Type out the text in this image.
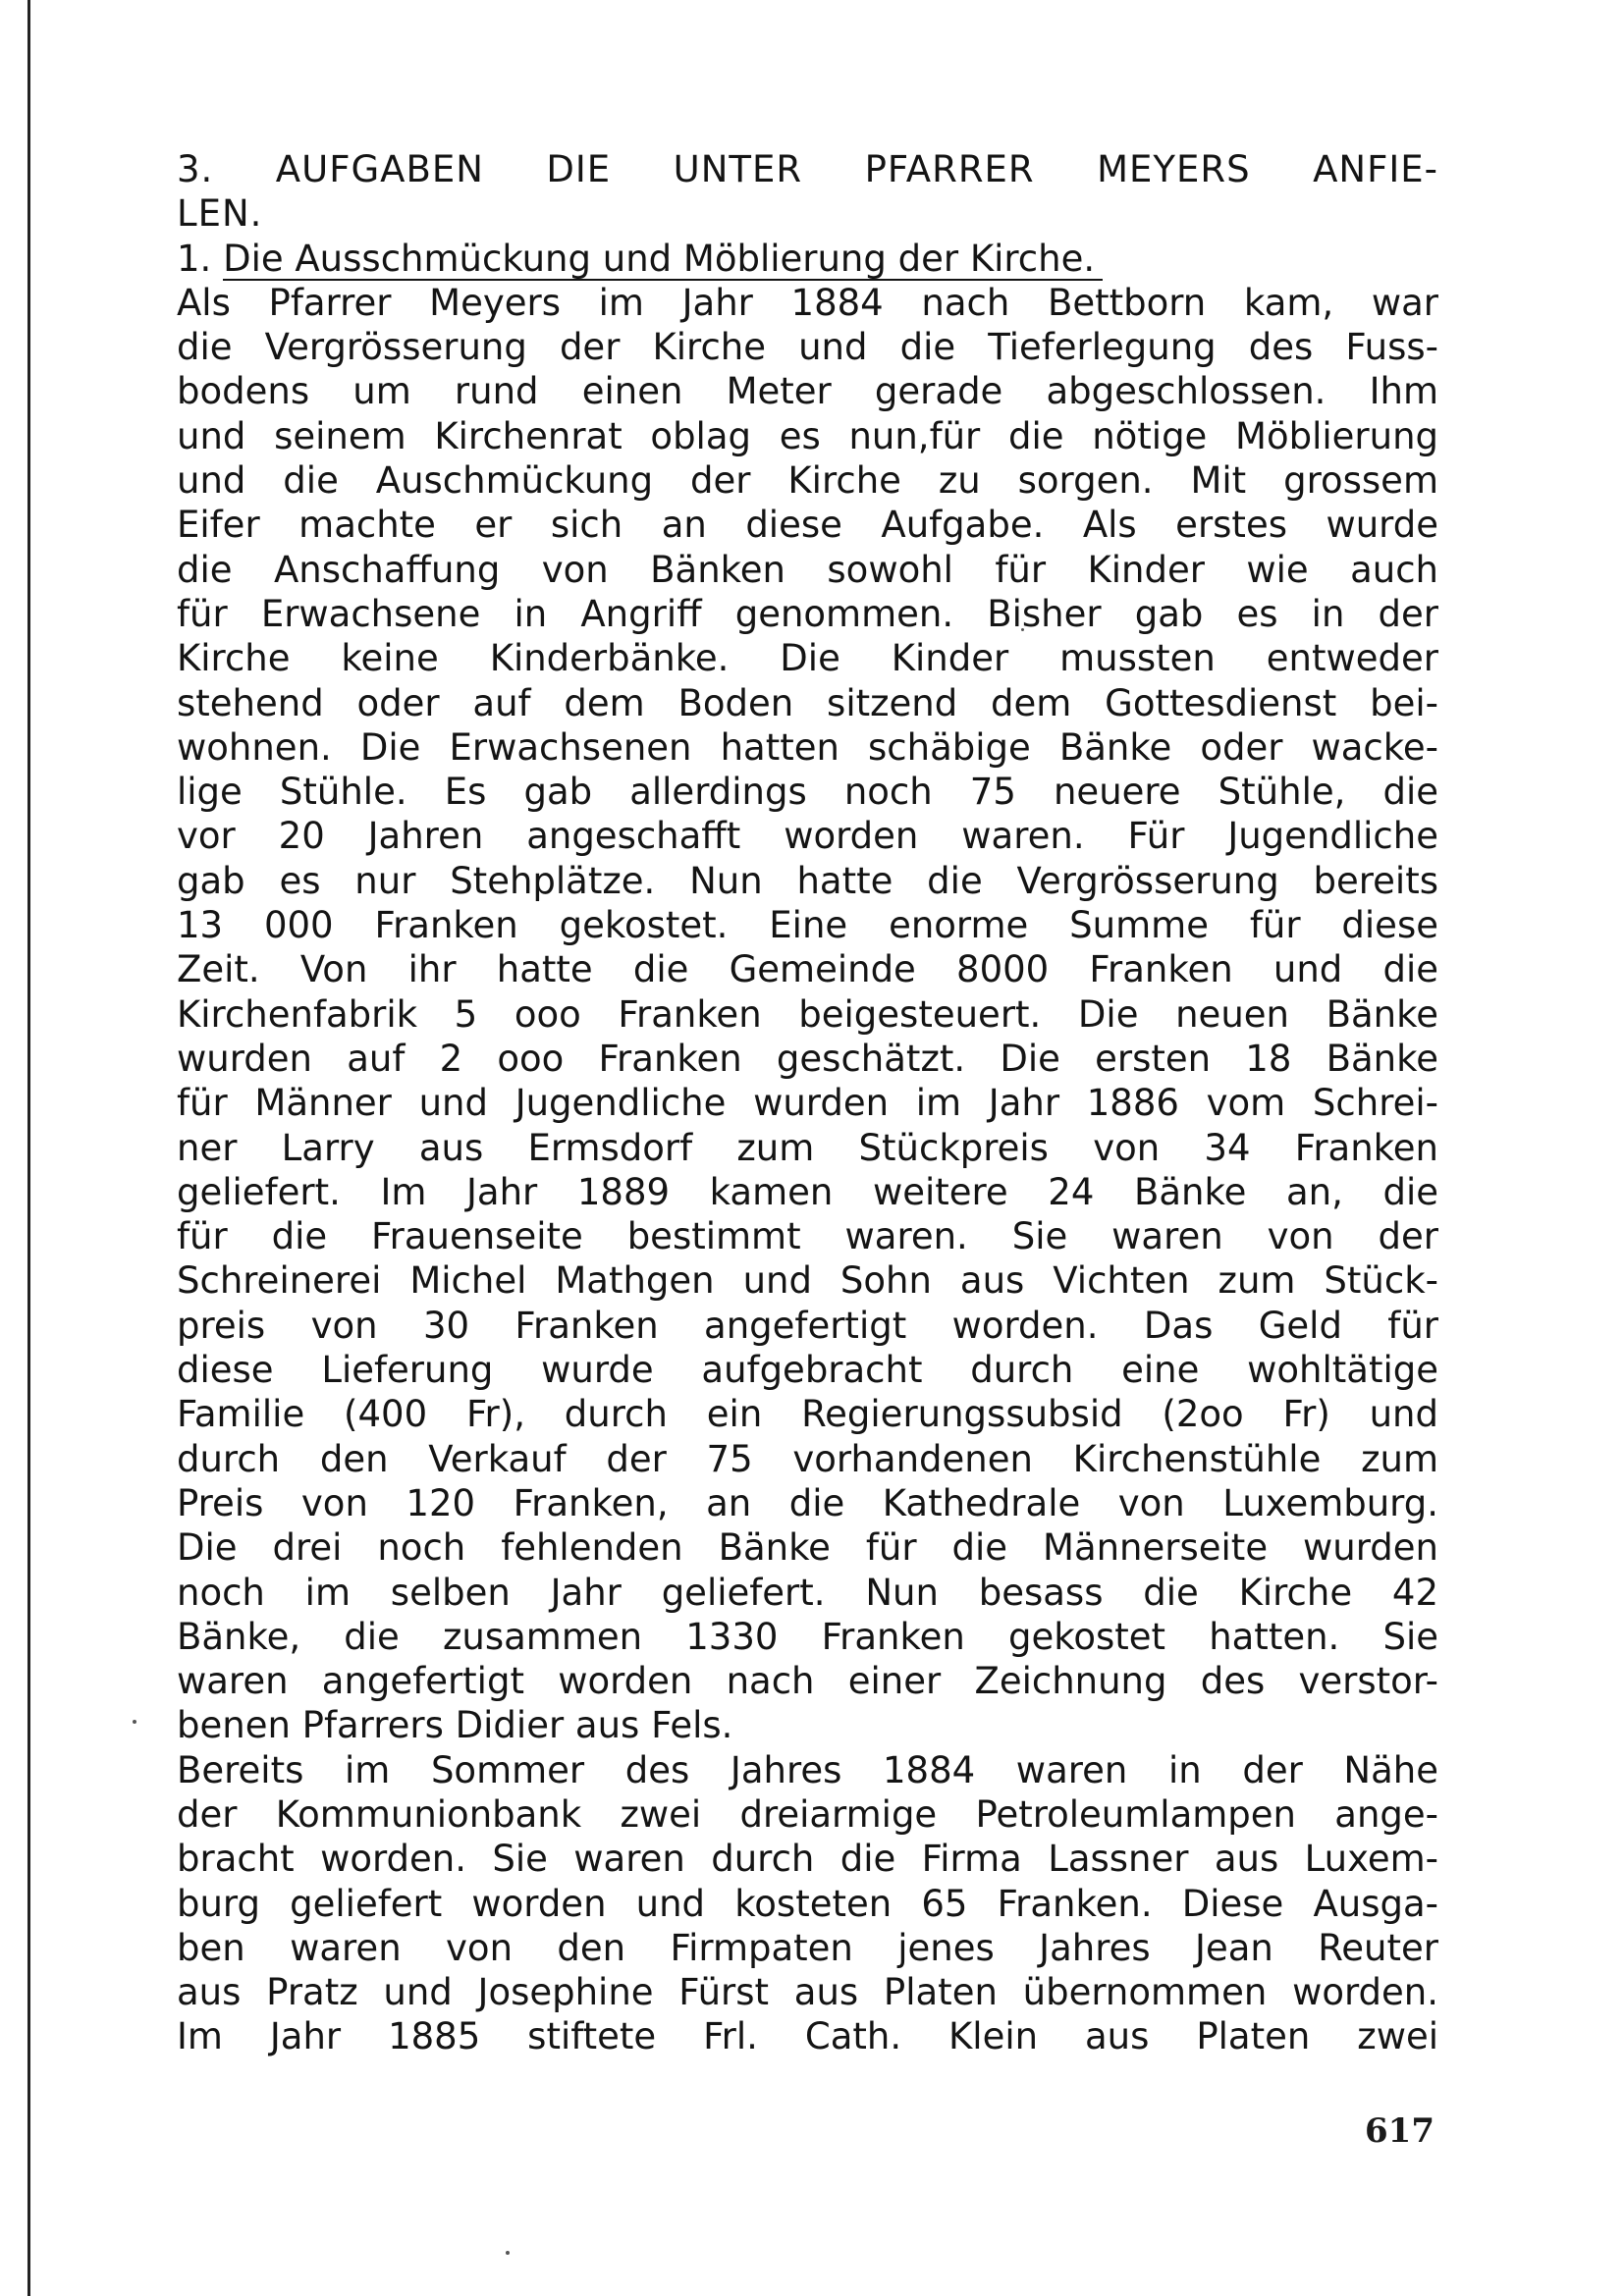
3. AUFGABEN DIE UNTER PFARRER MEYERS ANFIE-
LEN.
1. Die Ausschmückung und Möblierung der Kirche.
Als Pfarrer Meyers im Jahr 1884 nach Bettborn kam, war
die Vergrösserung der Kirche und die Tieferlegung des Fuss-
bodens um rund einen Meter gerade abgeschlossen. Ihm
und seinem Kirchenrat oblag es nun,für die nötige Möblierung
und die Auschmückung der Kirche zu sorgen. Mit grossem
Eifer machte er sich an diese Aufgabe. Als erstes wurde
die Anschaffung von Bänken sowohl für Kinder wie auch
für Erwachsene in Angriff genommen. Bisher gab es in der
Kirche keine Kinderbänke. Die Kinder mussten entweder
stehend oder auf dem Boden sitzend dem Gottesdienst bei-
wohnen. Die Erwachsenen hatten schäbige Bänke oder wacke-
lige Stühle. Es gab allerdings noch 75 neuere Stühle, die
vor 20 Jahren angeschafft worden waren. Für Jugendliche
gab es nur Stehplätze. Nun hatte die Vergrösserung bereits
13 000 Franken gekostet. Eine enorme Summe für diese
Zeit. Von ihr hatte die Gemeinde 8000 Franken und die
Kirchenfabrik 5 ooo Franken beigesteuert. Die neuen Bänke
wurden auf 2 ooo Franken geschätzt. Die ersten 18 Bänke
für Männer und Jugendliche wurden im Jahr 1886 vom Schrei-
ner Larry aus Ermsdorf zum Stückpreis von 34 Franken
geliefert. Im Jahr 1889 kamen weitere 24 Bänke an, die
für die Frauenseite bestimmt waren. Sie waren von der
Schreinerei Michel Mathgen und Sohn aus Vichten zum Stück-
preis von 30 Franken angefertigt worden. Das Geld für
diese Lieferung wurde aufgebracht durch eine wohltätige
Familie (400 Fr), durch ein Regierungssubsid (2oo Fr) und
durch den Verkauf der 75 vorhandenen Kirchenstühle zum
Preis von 120 Franken, an die Kathedrale von Luxemburg.
Die drei noch fehlenden Bänke für die Männerseite wurden
noch im selben Jahr geliefert. Nun besass die Kirche 42
Bänke, die zusammen 1330 Franken gekostet hatten. Sie
waren angefertigt worden nach einer Zeichnung des verstor-
benen Pfarrers Didier aus Fels.
Bereits im Sommer des Jahres 1884 waren in der Nähe
der Kommunionbank zwei dreiarmige Petroleumlampen ange-
bracht worden. Sie waren durch die Firma Lassner aus Luxem-
burg geliefert worden und kosteten 65 Franken. Diese Ausga-
ben waren von den Firmpaten jenes Jahres Jean Reuter
aus Pratz und Josephine Fürst aus Platen übernommen worden.
Im Jahr 1885 stiftete Frl. Cath. Klein aus Platen zwei
617
